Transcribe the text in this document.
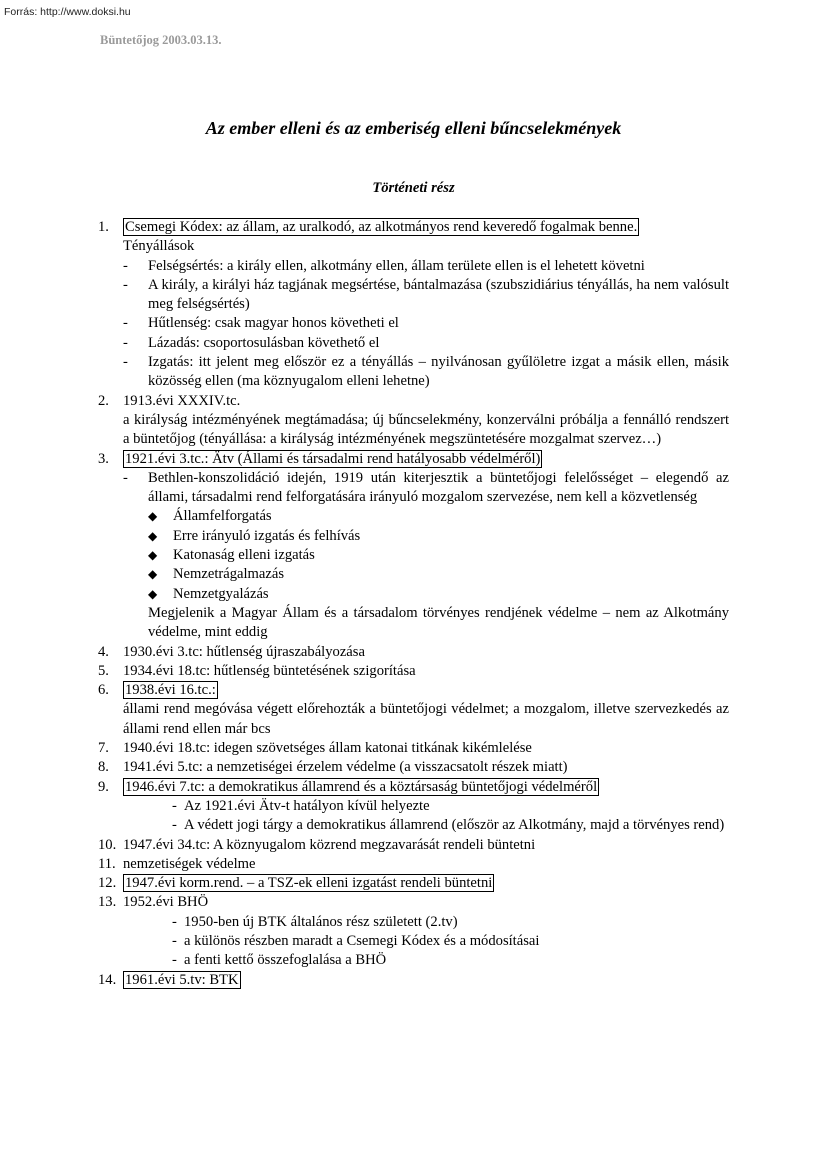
Forrás: http://www.doksi.hu
Büntetőjog 2003.03.13.
Az ember elleni és az emberiség elleni bűncselekmények
Történeti rész
1. Csemegi Kódex: az állam, az uralkodó, az alkotmányos rend keveredő fogalmak benne.
Tényállások
- Felségsértés: a király ellen, alkotmány ellen, állam területe ellen is el lehetett követni
- A király, a királyi ház tagjának megsértése, bántalmazása (szubszidiárius tényállás, ha nem valósult meg felségsértés)
- Hűtlenség: csak magyar honos követheti el
- Lázadás: csoportosulásban követhető el
- Izgatás: itt jelent meg először ez a tényállás – nyilvánosan gyűlöletre izgat a másik ellen, másik közösség ellen (ma köznyugalom elleni lehetne)
2. 1913.évi XXXIV.tc.
a királyság intézményének megtámadása; új bűncselekmény, konzerválni próbálja a fennálló rendszert a büntetőjog (tényállása: a királyság intézményének megszüntetésére mozgalmat szervez…)
3. 1921.évi 3.tc.: Ätv (Állami és társadalmi rend hatályosabb védelméről)
- Bethlen-konszolidáció idején, 1919 után kiterjesztik a büntetőjogi felelősséget – elegendő az állami, társadalmi rend felforgatására irányuló mozgalom szervezése, nem kell a közvetlenség
◆ Államfelforgatás
◆ Erre irányuló izgatás és felhívás
◆ Katonaság elleni izgatás
◆ Nemzetrágalmazás
◆ Nemzetgyalázás
Megjelenik a Magyar Állam és a társadalom törvényes rendjének védelme – nem az Alkotmány védelme, mint eddig
4. 1930.évi 3.tc: hűtlenség újraszabályozása
5. 1934.évi 18.tc: hűtlenség büntetésének szigorítása
6. 1938.évi 16.tc.:
állami rend megóvása végett előrehozták a büntetőjogi védelmet; a mozgalom, illetve szervezkedés az állami rend ellen már bcs
7. 1940.évi 18.tc: idegen szövetséges állam katonai titkának kikémlelése
8. 1941.évi 5.tc: a nemzetiségei érzelem védelme (a visszacsatolt részek miatt)
9. 1946.évi 7.tc: a demokratikus államrend és a köztársaság büntetőjogi védelméről
- Az 1921.évi Ätv-t hatályon kívül helyezte
- A védett jogi tárgy a demokratikus államrend (először az Alkotmány, majd a törvényes rend)
10. 1947.évi 34.tc: A köznyugalom közrend megzavarását rendeli büntetni
11. nemzetiségek védelme
12. 1947.évi korm.rend. – a TSZ-ek elleni izgatást rendeli büntetni
13. 1952.évi BHÖ
- 1950-ben új BTK általános rész született (2.tv)
- a különös részben maradt a Csemegi Kódex és a módosításai
- a fenti kettő összefoglalása a BHÖ
14. 1961.évi 5.tv: BTK
